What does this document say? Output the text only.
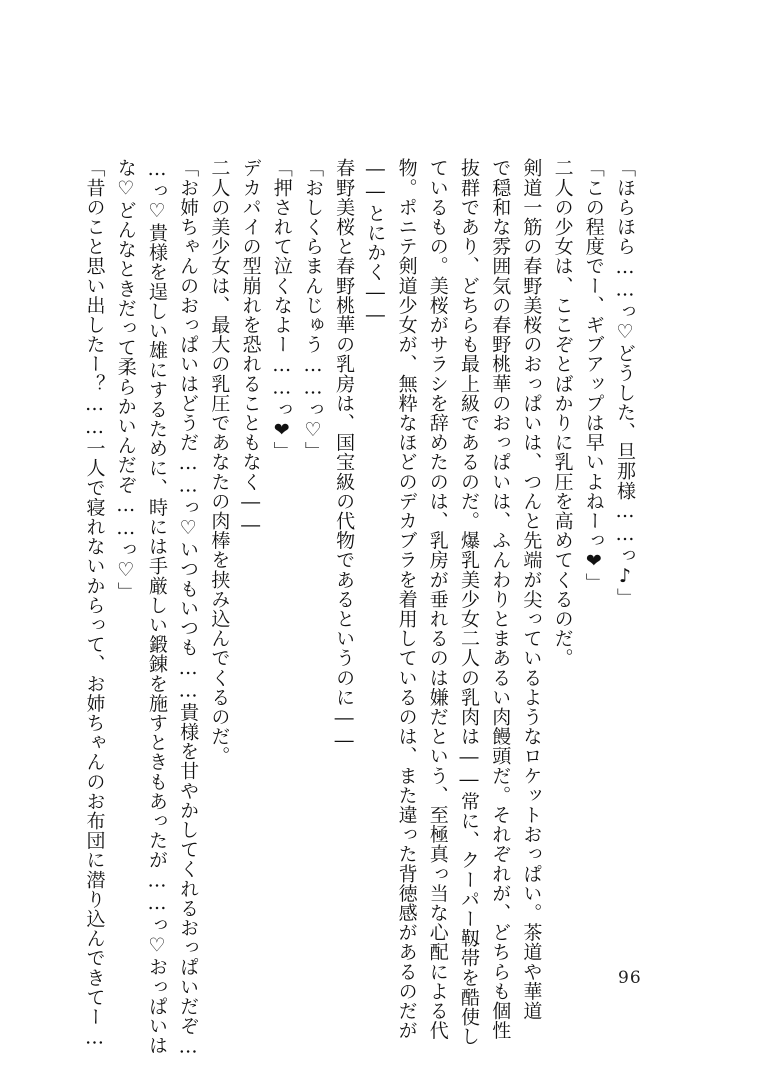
「ほらほら……っ♡どうした、旦那様……っ♪」

「この程度でー、ギブアップは早いよねーっ❤」

二人の少女は、ここぞとばかりに乳圧を高めてくるのだ。

剣道一筋の春野美桜のおっぱいは、つんと先端が尖っているようなロケットおっぱい。茶道や華道

で穏和な雰囲気の春野桃華のおっぱいは、ふんわりとまあるい肉饅頭だ。それぞれが、どちらも個性

抜群であり、どちらも最上級であるのだ。爆乳美少女二人の乳肉は――常に、クーパー靱帯を酷使し

ているもの。美桜がサラシを辞めたのは、乳房が垂れるのは嫌だという、至極真っ当な心配による代

物。ポニテ剣道少女が、無粋なほどのデカブラを着用しているのは、また違った背徳感があるのだが

――とにかく――

春野美桜と春野桃華の乳房は、国宝級の代物であるというのに――

「おしくらまんじゅう……っ♡」

「押されて泣くなよー……っ❤」

デカパイの型崩れを恐れることもなく――

二人の美少女は、最大の乳圧であなたの肉棒を挟み込んでくるのだ。

「お姉ちゃんのおっぱいはどうだ……っ♡いつもいつも……貴様を甘やかしてくれるおっぱいだぞ…

…っ♡貴様を逞しい雄にするために、時には手厳しい鍛錬を施すときもあったが……っ♡おっぱいは

な♡どんなときだって柔らかいんだぞ……っ♡」

「昔のこと思い出したー？……一人で寝れないからって、お姉ちゃんのお布団に潜り込んできてー…	96
